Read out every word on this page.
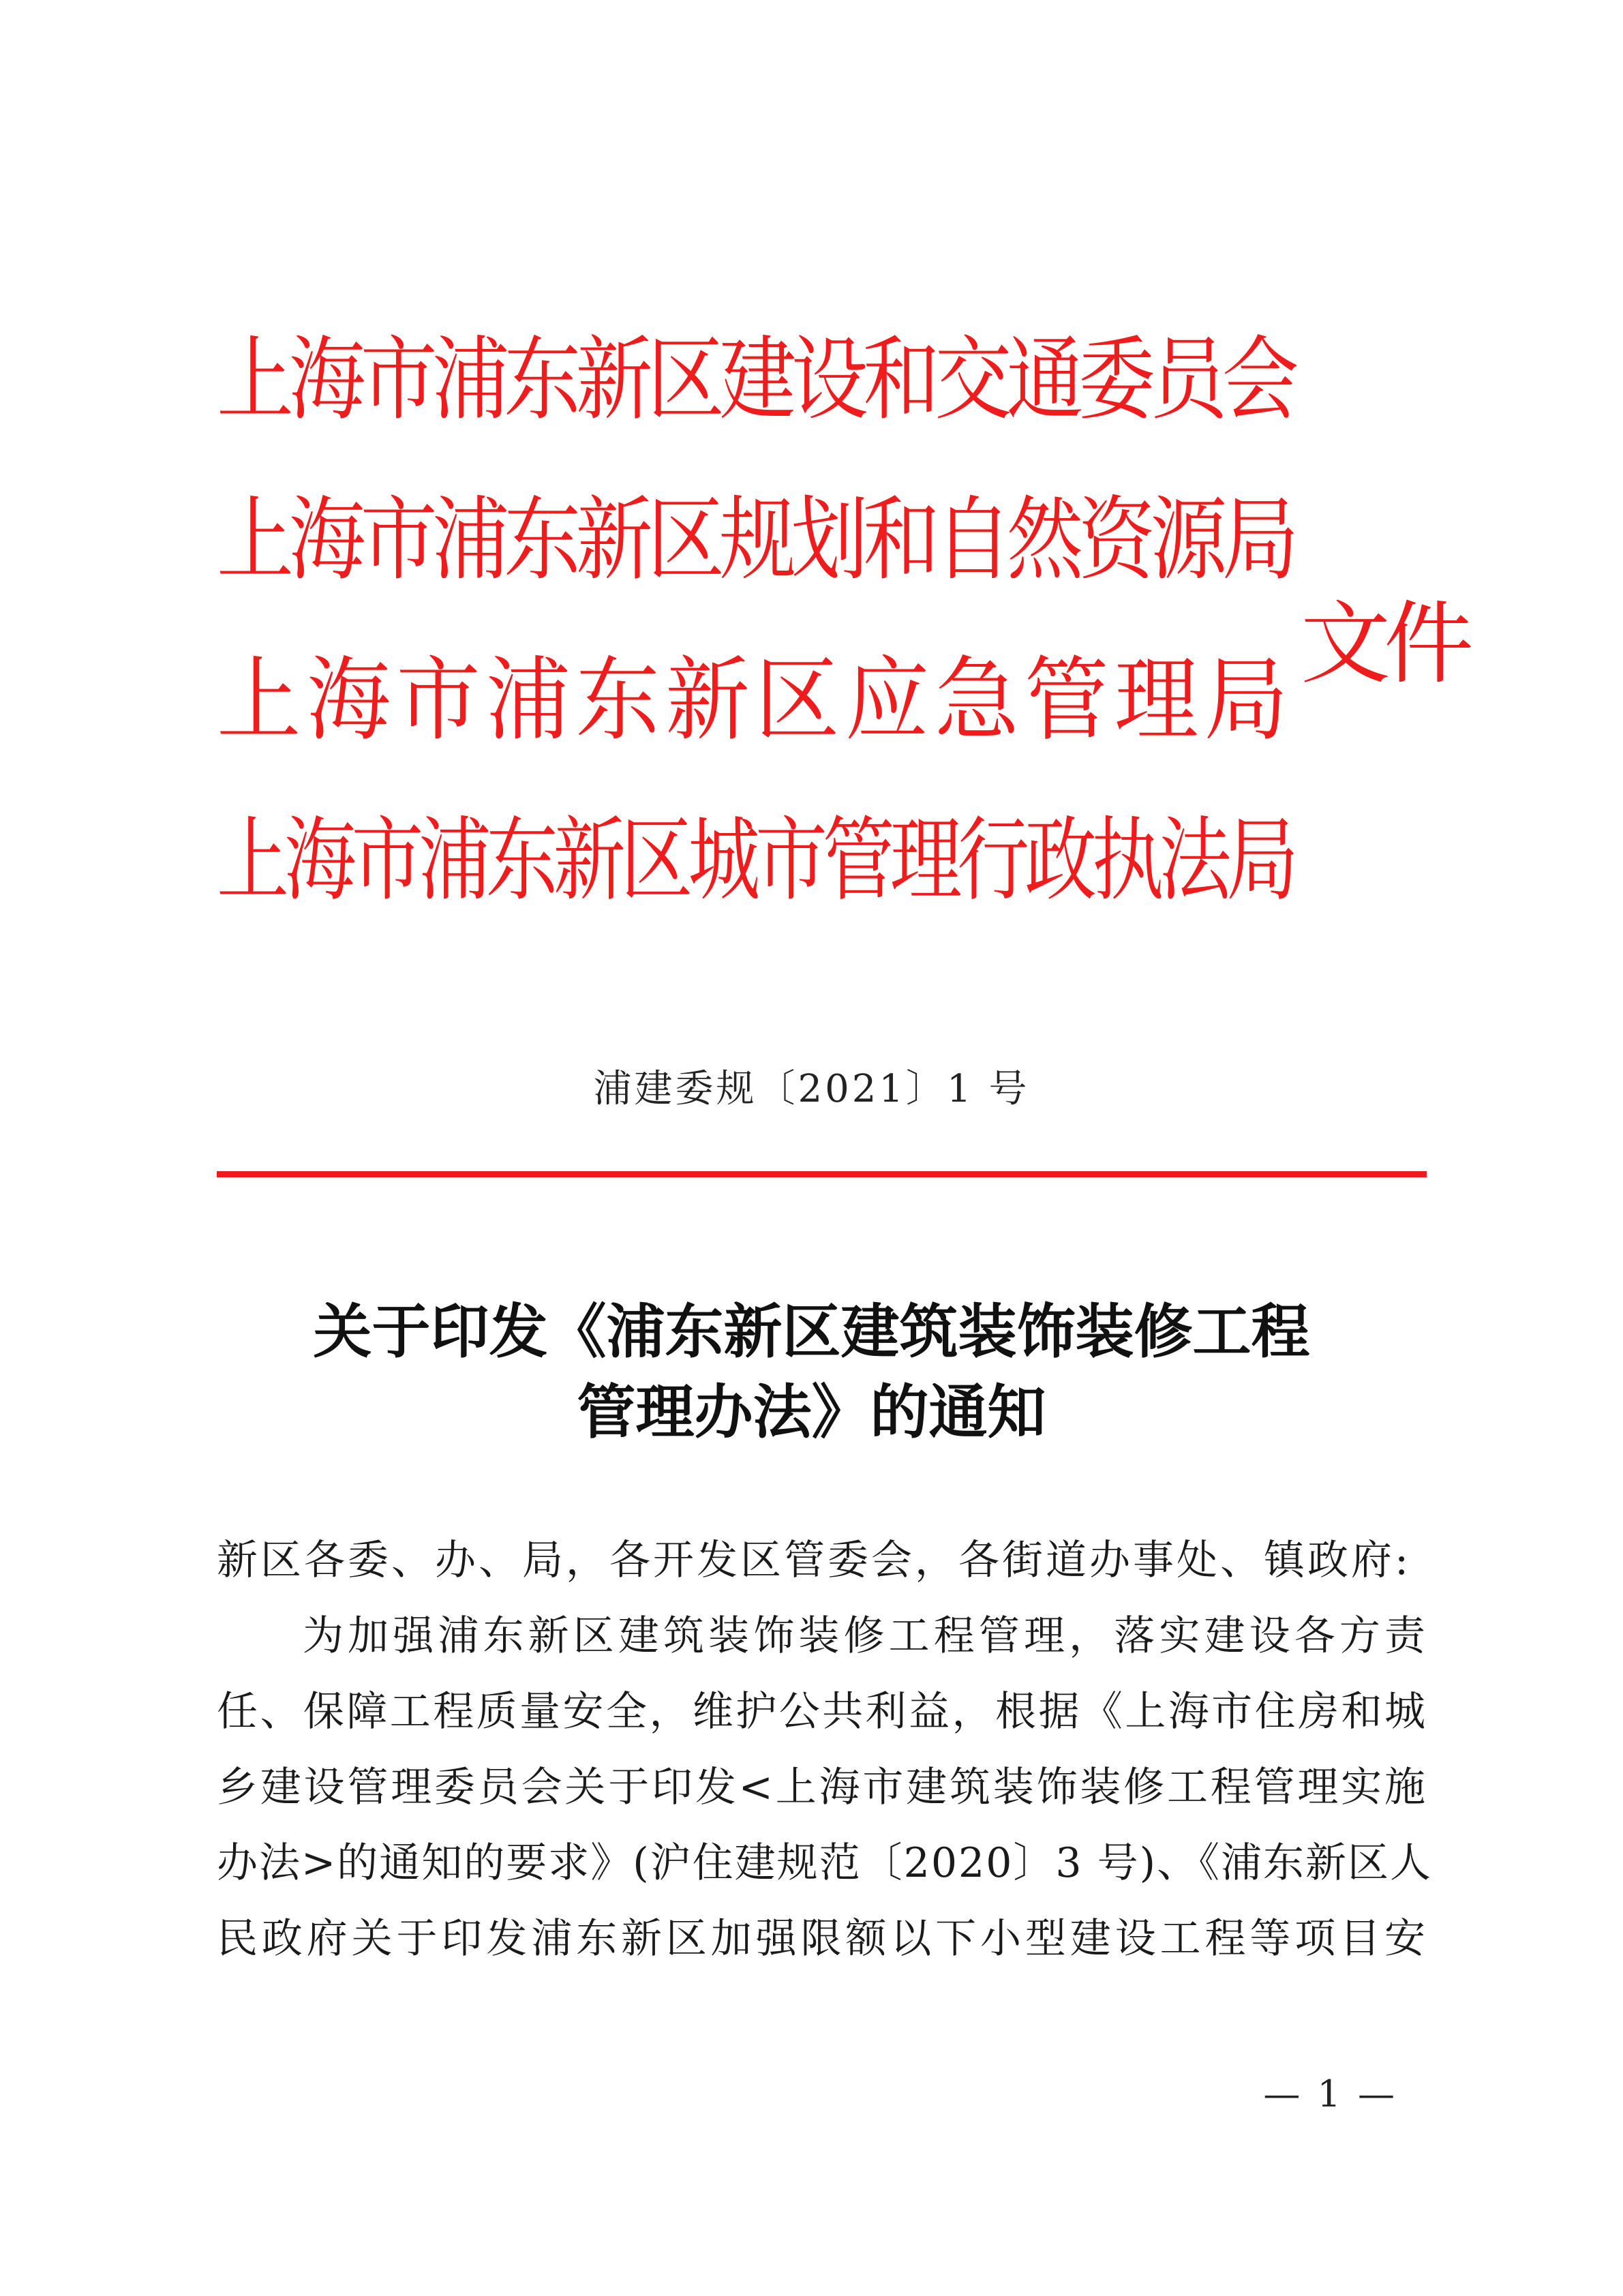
上海市浦东新区建设和交通委员会
上海市浦东新区规划和自然资源局
上海市浦东新区应急管理局
上海市浦东新区城市管理行政执法局
文件
浦建委规〔2021〕1 号
关于印发《浦东新区建筑装饰装修工程
管理办法》的通知
新区各委、办、局，各开发区管委会，各街道办事处、镇政府:
为加强浦东新区建筑装饰装修工程管理，落实建设各方责
任、保障工程质量安全，维护公共利益，根据《上海市住房和城
乡建设管理委员会关于印发<上海市建筑装饰装修工程管理实施
办法>的通知的要求》(沪住建规范〔2020〕3 号)、《浦东新区人
民政府关于印发浦东新区加强限额以下小型建设工程等项目安
— 1 —
